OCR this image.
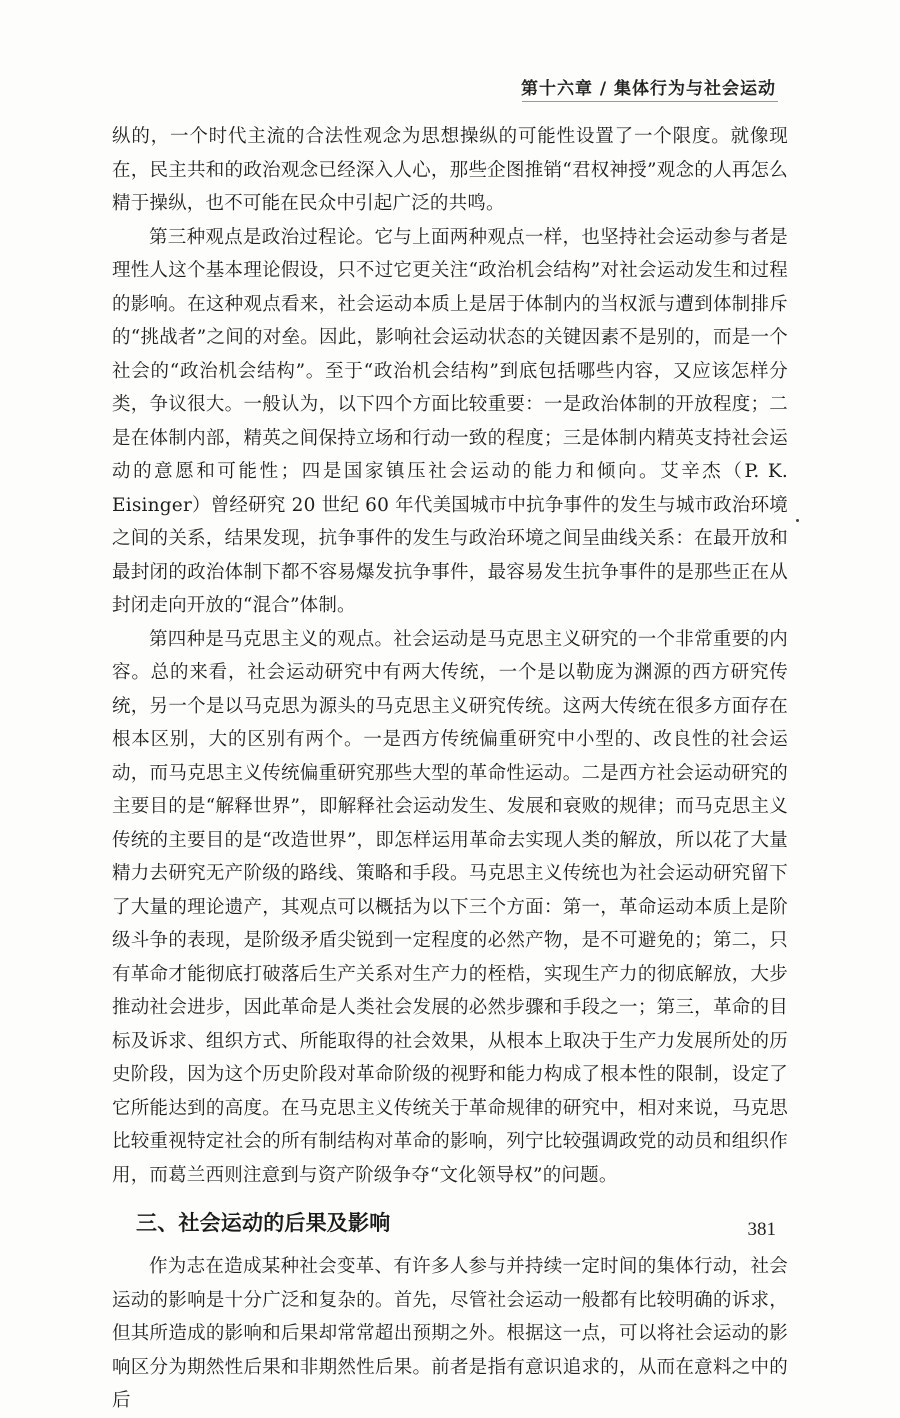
第十六章 / 集体行为与社会运动

纵的，一个时代主流的合法性观念为思想操纵的可能性设置了一个限度。就像现在，民主共和的政治观念已经深入人心，那些企图推销“君权神授”观念的人再怎么精于操纵，也不可能在民众中引起广泛的共鸣。

第三种观点是政治过程论。它与上面两种观点一样，也坚持社会运动参与者是理性人这个基本理论假设，只不过它更关注“政治机会结构”对社会运动发生和过程的影响。在这种观点看来，社会运动本质上是居于体制内的当权派与遭到体制排斥的“挑战者”之间的对垒。因此，影响社会运动状态的关键因素不是别的，而是一个社会的“政治机会结构”。至于“政治机会结构”到底包括哪些内容，又应该怎样分类，争议很大。一般认为，以下四个方面比较重要：一是政治体制的开放程度；二是在体制内部，精英之间保持立场和行动一致的程度；三是体制内精英支持社会运动的意愿和可能性；四是国家镇压社会运动的能力和倾向。艾辛杰（P. K. Eisinger）曾经研究 20 世纪 60 年代美国城市中抗争事件的发生与城市政治环境之间的关系，结果发现，抗争事件的发生与政治环境之间呈曲线关系：在最开放和最封闭的政治体制下都不容易爆发抗争事件，最容易发生抗争事件的是那些正在从封闭走向开放的“混合”体制。

第四种是马克思主义的观点。社会运动是马克思主义研究的一个非常重要的内容。总的来看，社会运动研究中有两大传统，一个是以勒庞为渊源的西方研究传统，另一个是以马克思为源头的马克思主义研究传统。这两大传统在很多方面存在根本区别，大的区别有两个。一是西方传统偏重研究中小型的、改良性的社会运动，而马克思主义传统偏重研究那些大型的革命性运动。二是西方社会运动研究的主要目的是“解释世界”，即解释社会运动发生、发展和衰败的规律；而马克思主义传统的主要目的是“改造世界”，即怎样运用革命去实现人类的解放，所以花了大量精力去研究无产阶级的路线、策略和手段。马克思主义传统也为社会运动研究留下了大量的理论遗产，其观点可以概括为以下三个方面：第一，革命运动本质上是阶级斗争的表现，是阶级矛盾尖锐到一定程度的必然产物，是不可避免的；第二，只有革命才能彻底打破落后生产关系对生产力的桎梏，实现生产力的彻底解放，大步推动社会进步，因此革命是人类社会发展的必然步骤和手段之一；第三，革命的目标及诉求、组织方式、所能取得的社会效果，从根本上取决于生产力发展所处的历史阶段，因为这个历史阶段对革命阶级的视野和能力构成了根本性的限制，设定了它所能达到的高度。在马克思主义传统关于革命规律的研究中，相对来说，马克思比较重视特定社会的所有制结构对革命的影响，列宁比较强调政党的动员和组织作用，而葛兰西则注意到与资产阶级争夺“文化领导权”的问题。

三、社会运动的后果及影响

作为志在造成某种社会变革、有许多人参与并持续一定时间的集体行动，社会运动的影响是十分广泛和复杂的。首先，尽管社会运动一般都有比较明确的诉求，但其所造成的影响和后果却常常超出预期之外。根据这一点，可以将社会运动的影响区分为期然性后果和非期然性后果。前者是指有意识追求的，从而在意料之中的后

381
